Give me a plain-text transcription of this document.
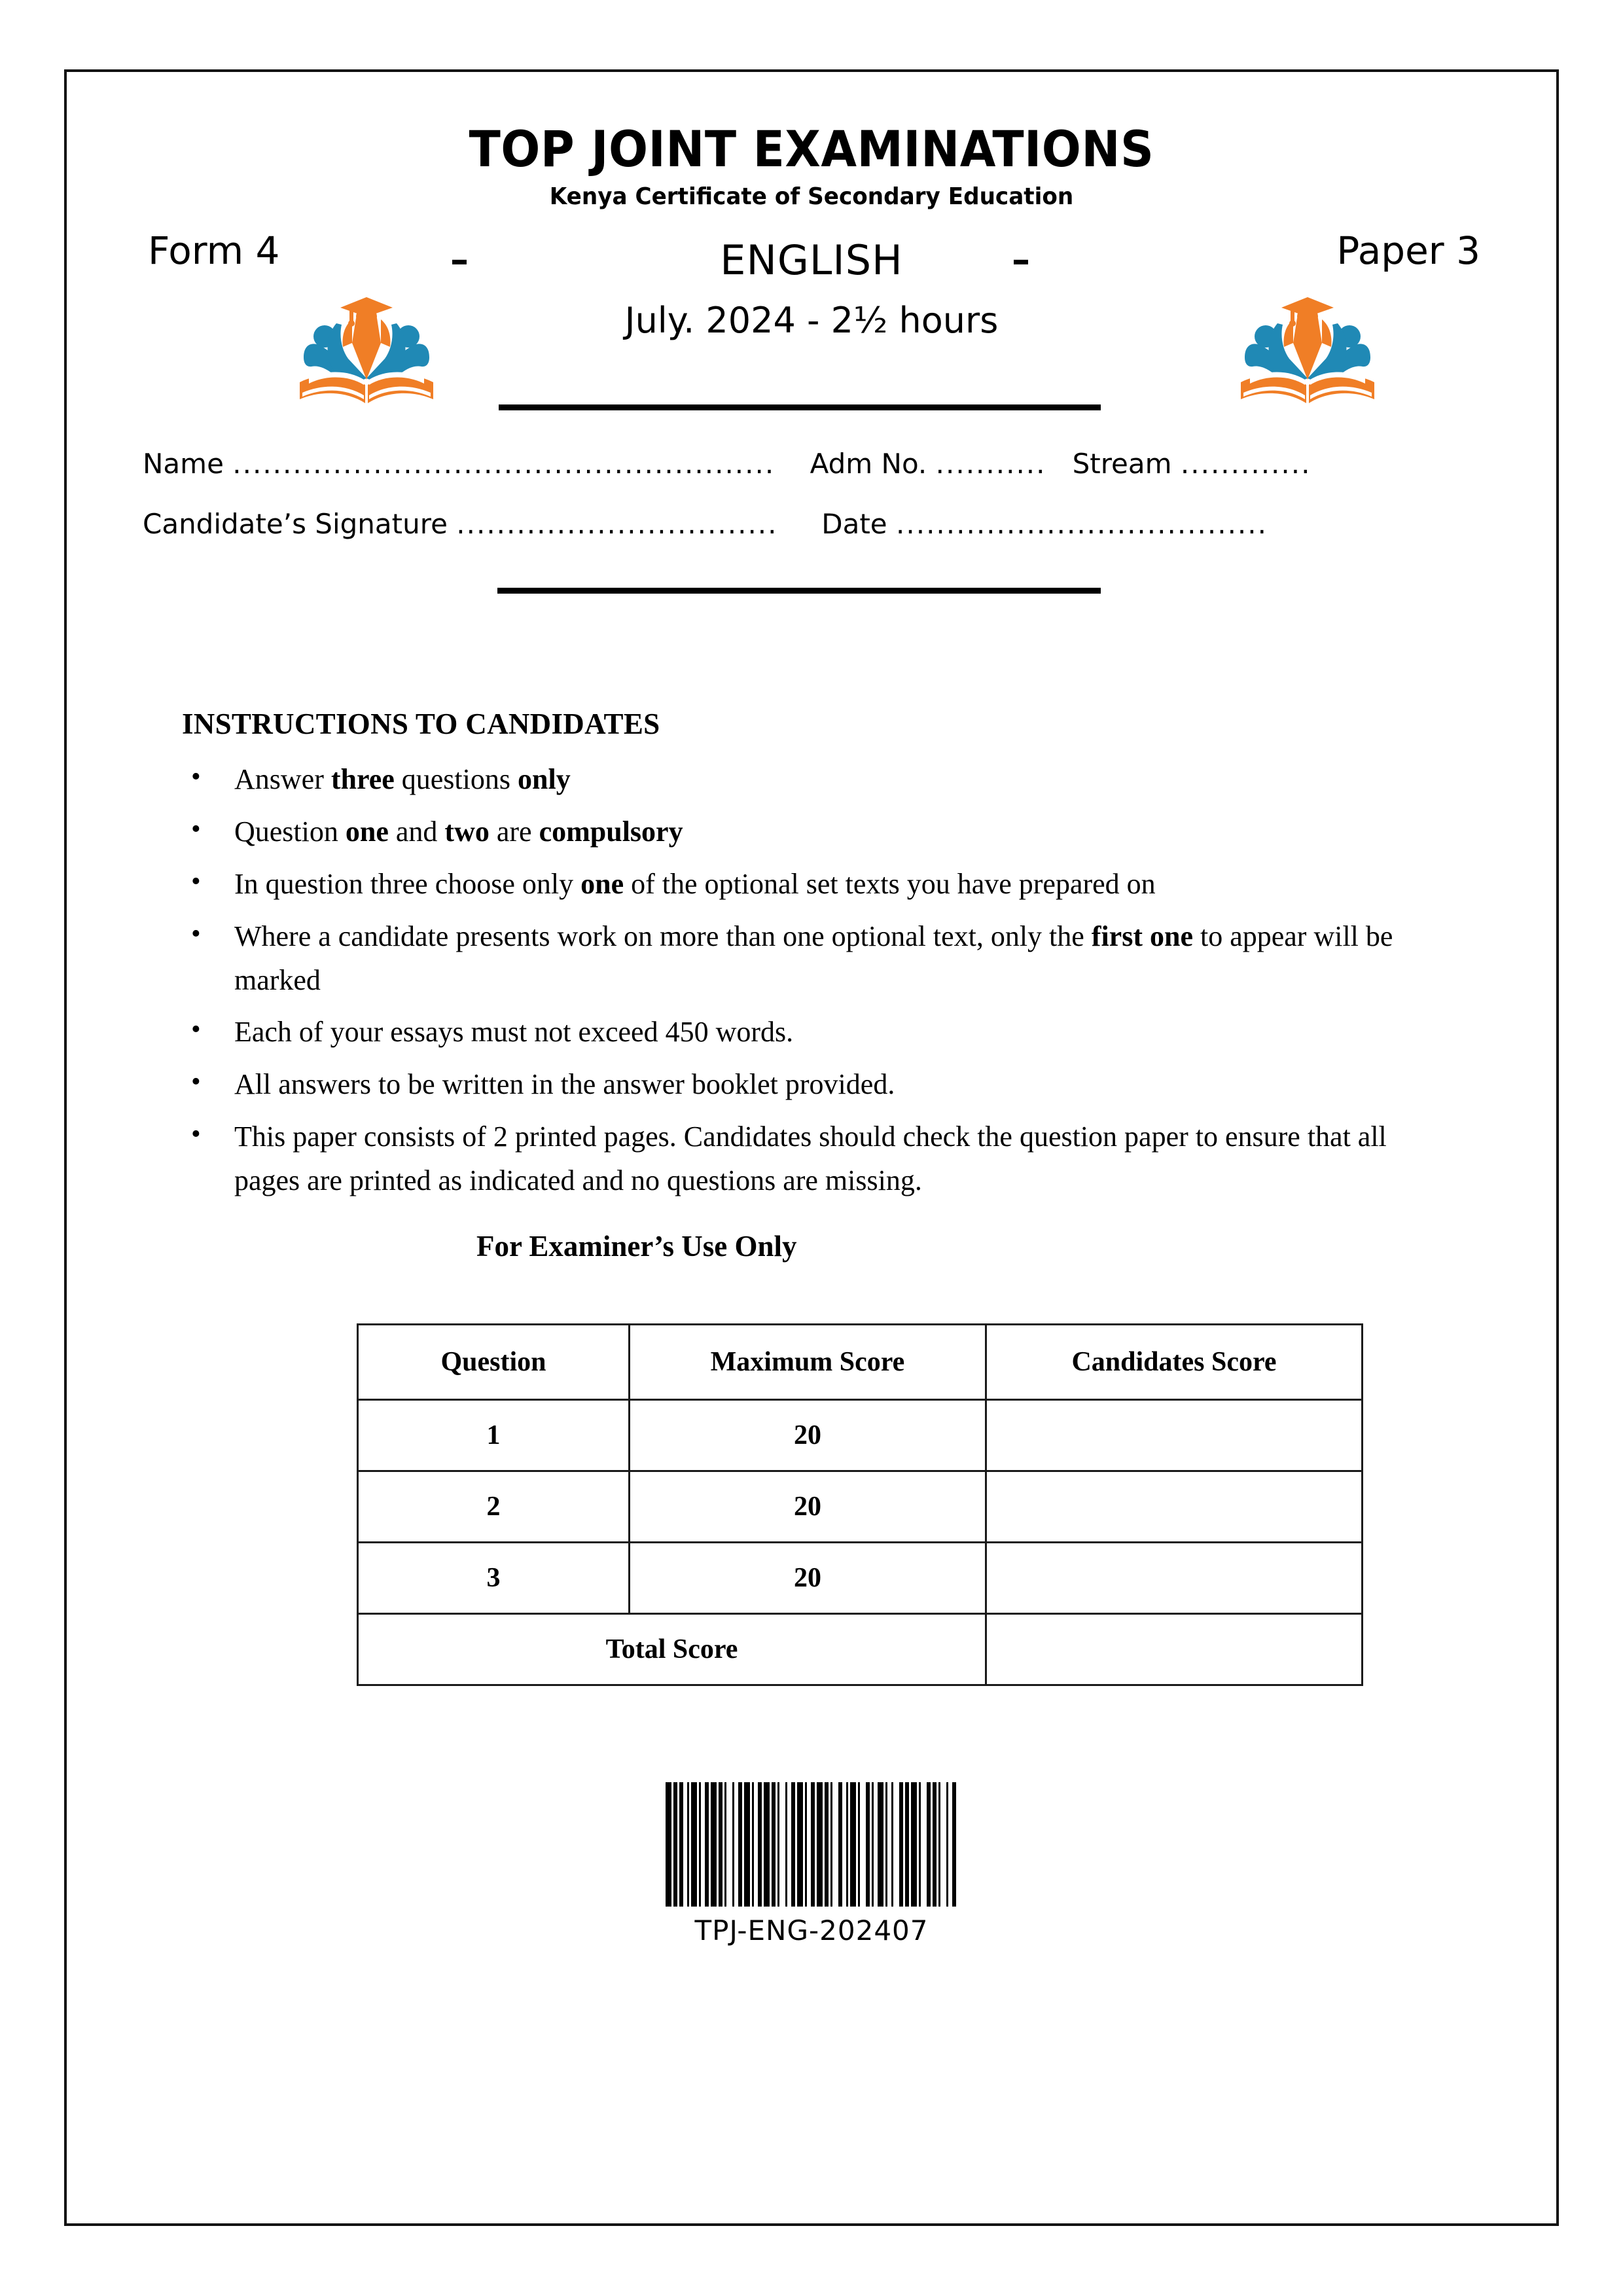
TOP JOINT EXAMINATIONS
Kenya Certificate of Secondary Education
Form 4	–	ENGLISH	–	Paper 3
July. 2024 - 2½ hours
Name ...................................................... Adm No. ........... Stream .............
Candidate’s Signature ................................ Date .....................................
INSTRUCTIONS TO CANDIDATES
• Answer three questions only
• Question one and two are compulsory
• In question three choose only one of the optional set texts you have prepared on
• Where a candidate presents work on more than one optional text, only the first one to appear will be marked
• Each of your essays must not exceed 450 words.
• All answers to be written in the answer booklet provided.
• This paper consists of 2 printed pages. Candidates should check the question paper to ensure that all pages are printed as indicated and no questions are missing.
For Examiner’s Use Only
Question	Maximum Score	Candidates Score
1	20	
2	20	
3	20	
Total Score		
TPJ-ENG-202407
